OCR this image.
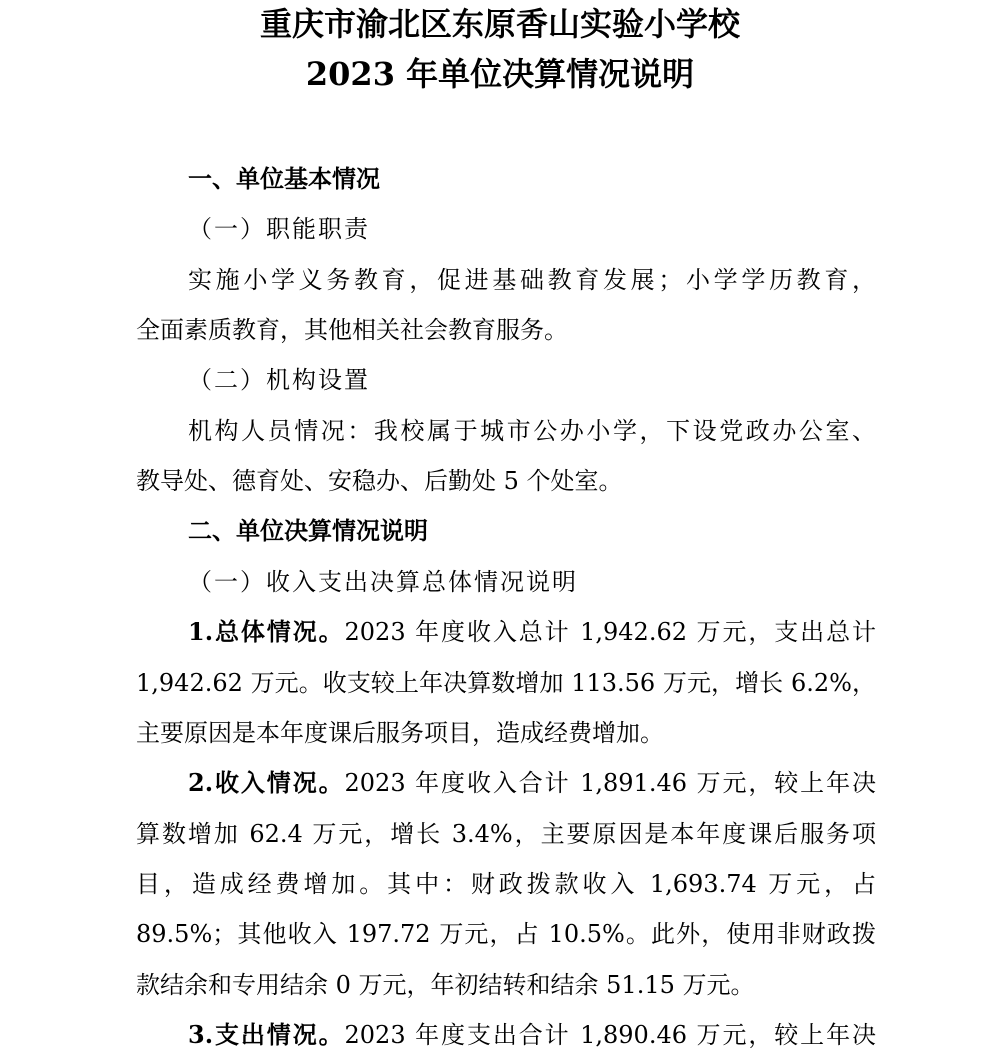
重庆市渝北区东原香山实验小学校
2023 年单位决算情况说明
一、单位基本情况
（一）职能职责
实施小学义务教育，促进基础教育发展；小学学历教育，
全面素质教育，其他相关社会教育服务。
（二）机构设置
机构人员情况：我校属于城市公办小学，下设党政办公室、
教导处、德育处、安稳办、后勤处 5 个处室。
二、单位决算情况说明
（一）收入支出决算总体情况说明
1.总体情况。2023 年度收入总计 1,942.62 万元，支出总计
1,942.62 万元。收支较上年决算数增加 113.56 万元，增长 6.2%，
主要原因是本年度课后服务项目，造成经费增加。
2.收入情况。2023 年度收入合计 1,891.46 万元，较上年决
算数增加 62.4 万元，增长 3.4%，主要原因是本年度课后服务项
目，造成经费增加。其中：财政拨款收入 1,693.74 万元，占
89.5%；其他收入 197.72 万元，占 10.5%。此外，使用非财政拨
款结余和专用结余 0 万元，年初结转和结余 51.15 万元。
3.支出情况。2023 年度支出合计 1,890.46 万元，较上年决
